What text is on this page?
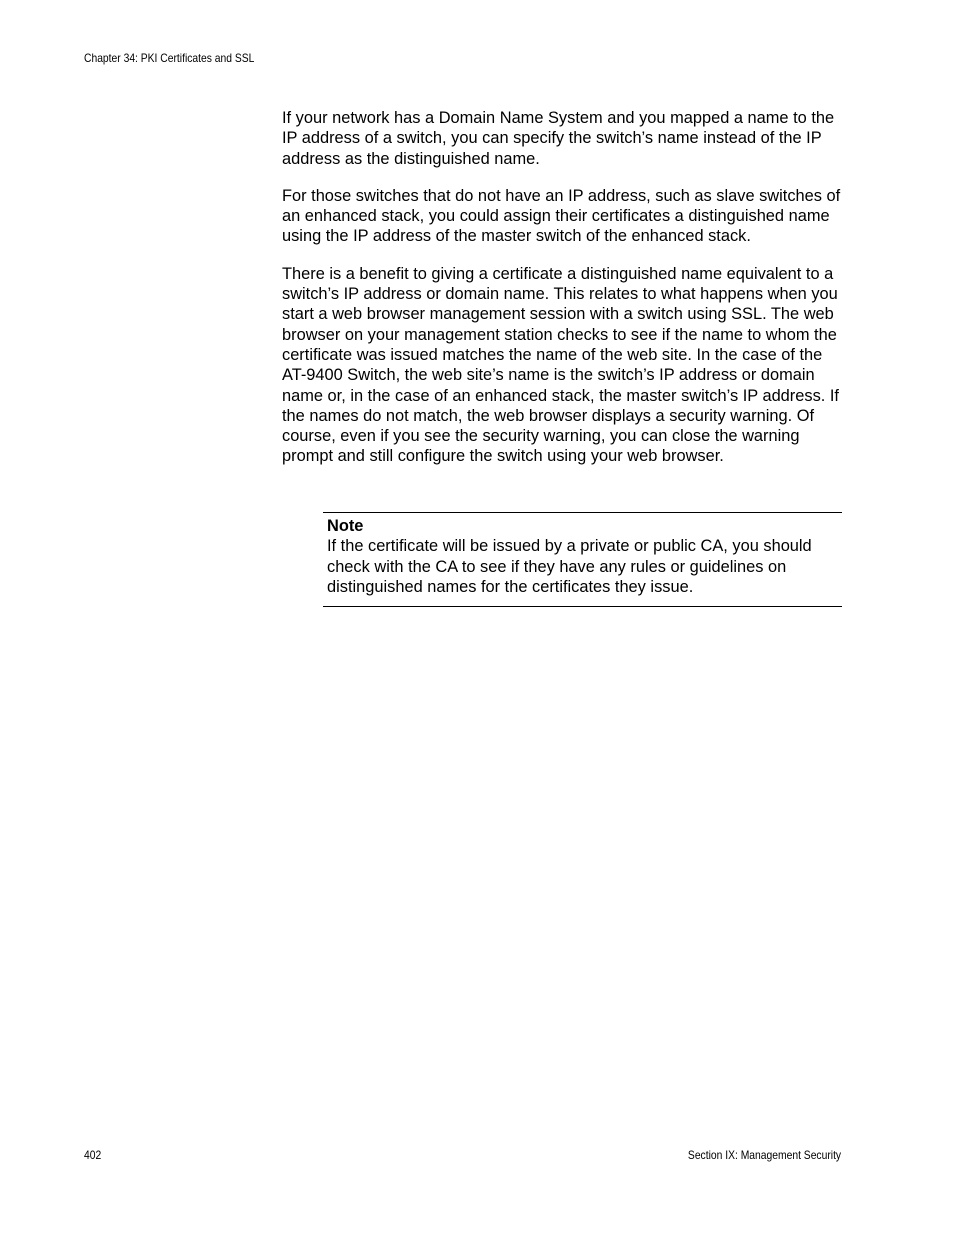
Chapter 34: PKI Certificates and SSL

If your network has a Domain Name System and you mapped a name to the IP address of a switch, you can specify the switch’s name instead of the IP address as the distinguished name.

For those switches that do not have an IP address, such as slave switches of an enhanced stack, you could assign their certificates a distinguished name using the IP address of the master switch of the enhanced stack.

There is a benefit to giving a certificate a distinguished name equivalent to a switch’s IP address or domain name. This relates to what happens when you start a web browser management session with a switch using SSL. The web browser on your management station checks to see if the name to whom the certificate was issued matches the name of the web site. In the case of the AT-9400 Switch, the web site’s name is the switch’s IP address or domain name or, in the case of an enhanced stack, the master switch’s IP address. If the names do not match, the web browser displays a security warning. Of course, even if you see the security warning, you can close the warning prompt and still configure the switch using your web browser.

Note

If the certificate will be issued by a private or public CA, you should check with the CA to see if they have any rules or guidelines on distinguished names for the certificates they issue.

402	Section IX: Management Security
